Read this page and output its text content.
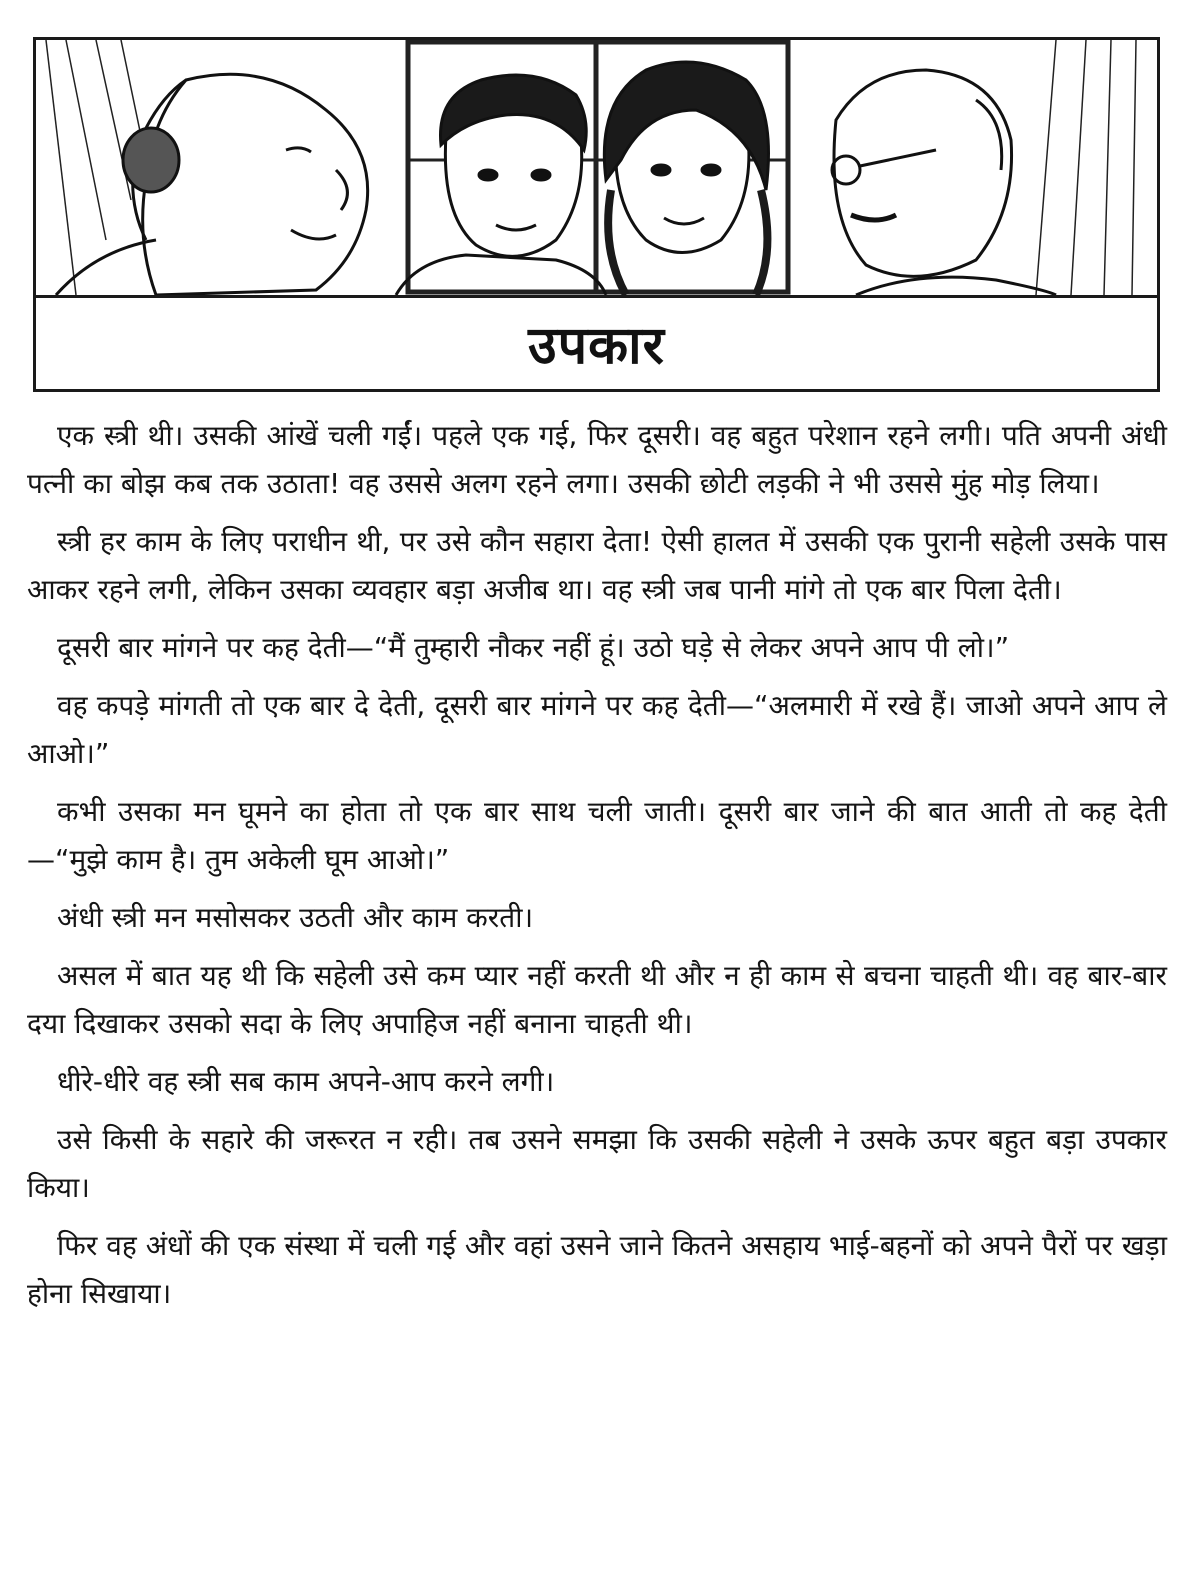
उपकार

एक स्त्री थी। उसकी आंखें चली गईं। पहले एक गई, फिर दूसरी। वह बहुत परेशान रहने लगी। पति अपनी अंधी पत्नी का बोझ कब तक उठाता! वह उससे अलग रहने लगा। उसकी छोटी लड़की ने भी उससे मुंह मोड़ लिया।

स्त्री हर काम के लिए पराधीन थी, पर उसे कौन सहारा देता! ऐसी हालत में उसकी एक पुरानी सहेली उसके पास आकर रहने लगी, लेकिन उसका व्यवहार बड़ा अजीब था। वह स्त्री जब पानी मांगे तो एक बार पिला देती।

दूसरी बार मांगने पर कह देती—“मैं तुम्हारी नौकर नहीं हूं। उठो घड़े से लेकर अपने आप पी लो।”

वह कपड़े मांगती तो एक बार दे देती, दूसरी बार मांगने पर कह देती—“अलमारी में रखे हैं। जाओ अपने आप ले आओ।”

कभी उसका मन घूमने का होता तो एक बार साथ चली जाती। दूसरी बार जाने की बात आती तो कह देती—“मुझे काम है। तुम अकेली घूम आओ।”

अंधी स्त्री मन मसोसकर उठती और काम करती।

असल में बात यह थी कि सहेली उसे कम प्यार नहीं करती थी और न ही काम से बचना चाहती थी। वह बार-बार दया दिखाकर उसको सदा के लिए अपाहिज नहीं बनाना चाहती थी।

धीरे-धीरे वह स्त्री सब काम अपने-आप करने लगी।

उसे किसी के सहारे की जरूरत न रही। तब उसने समझा कि उसकी सहेली ने उसके ऊपर बहुत बड़ा उपकार किया।

फिर वह अंधों की एक संस्था में चली गई और वहां उसने जाने कितने असहाय भाई-बहनों को अपने पैरों पर खड़ा होना सिखाया।
